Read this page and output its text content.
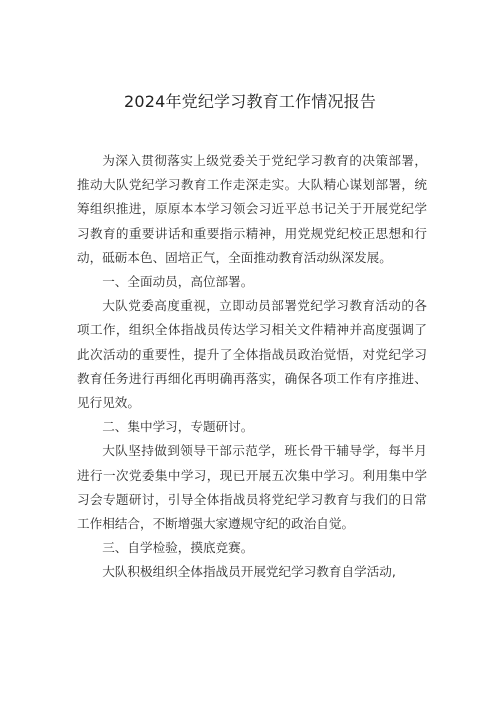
2024年党纪学习教育工作情况报告

为深入贯彻落实上级党委关于党纪学习教育的决策部署，推动大队党纪学习教育工作走深走实。大队精心谋划部署，统筹组织推进，原原本本学习领会习近平总书记关于开展党纪学习教育的重要讲话和重要指示精神，用党规党纪校正思想和行动，砥砺本色、固培正气，全面推动教育活动纵深发展。

一、全面动员，高位部署。

大队党委高度重视，立即动员部署党纪学习教育活动的各项工作，组织全体指战员传达学习相关文件精神并高度强调了此次活动的重要性，提升了全体指战员政治觉悟，对党纪学习教育任务进行再细化再明确再落实，确保各项工作有序推进、见行见效。

二、集中学习，专题研讨。

大队坚持做到领导干部示范学，班长骨干辅导学，每半月进行一次党委集中学习，现已开展五次集中学习。利用集中学习会专题研讨，引导全体指战员将党纪学习教育与我们的日常工作相结合，不断增强大家遵规守纪的政治自觉。

三、自学检验，摸底竞赛。

大队积极组织全体指战员开展党纪学习教育自学活动,
